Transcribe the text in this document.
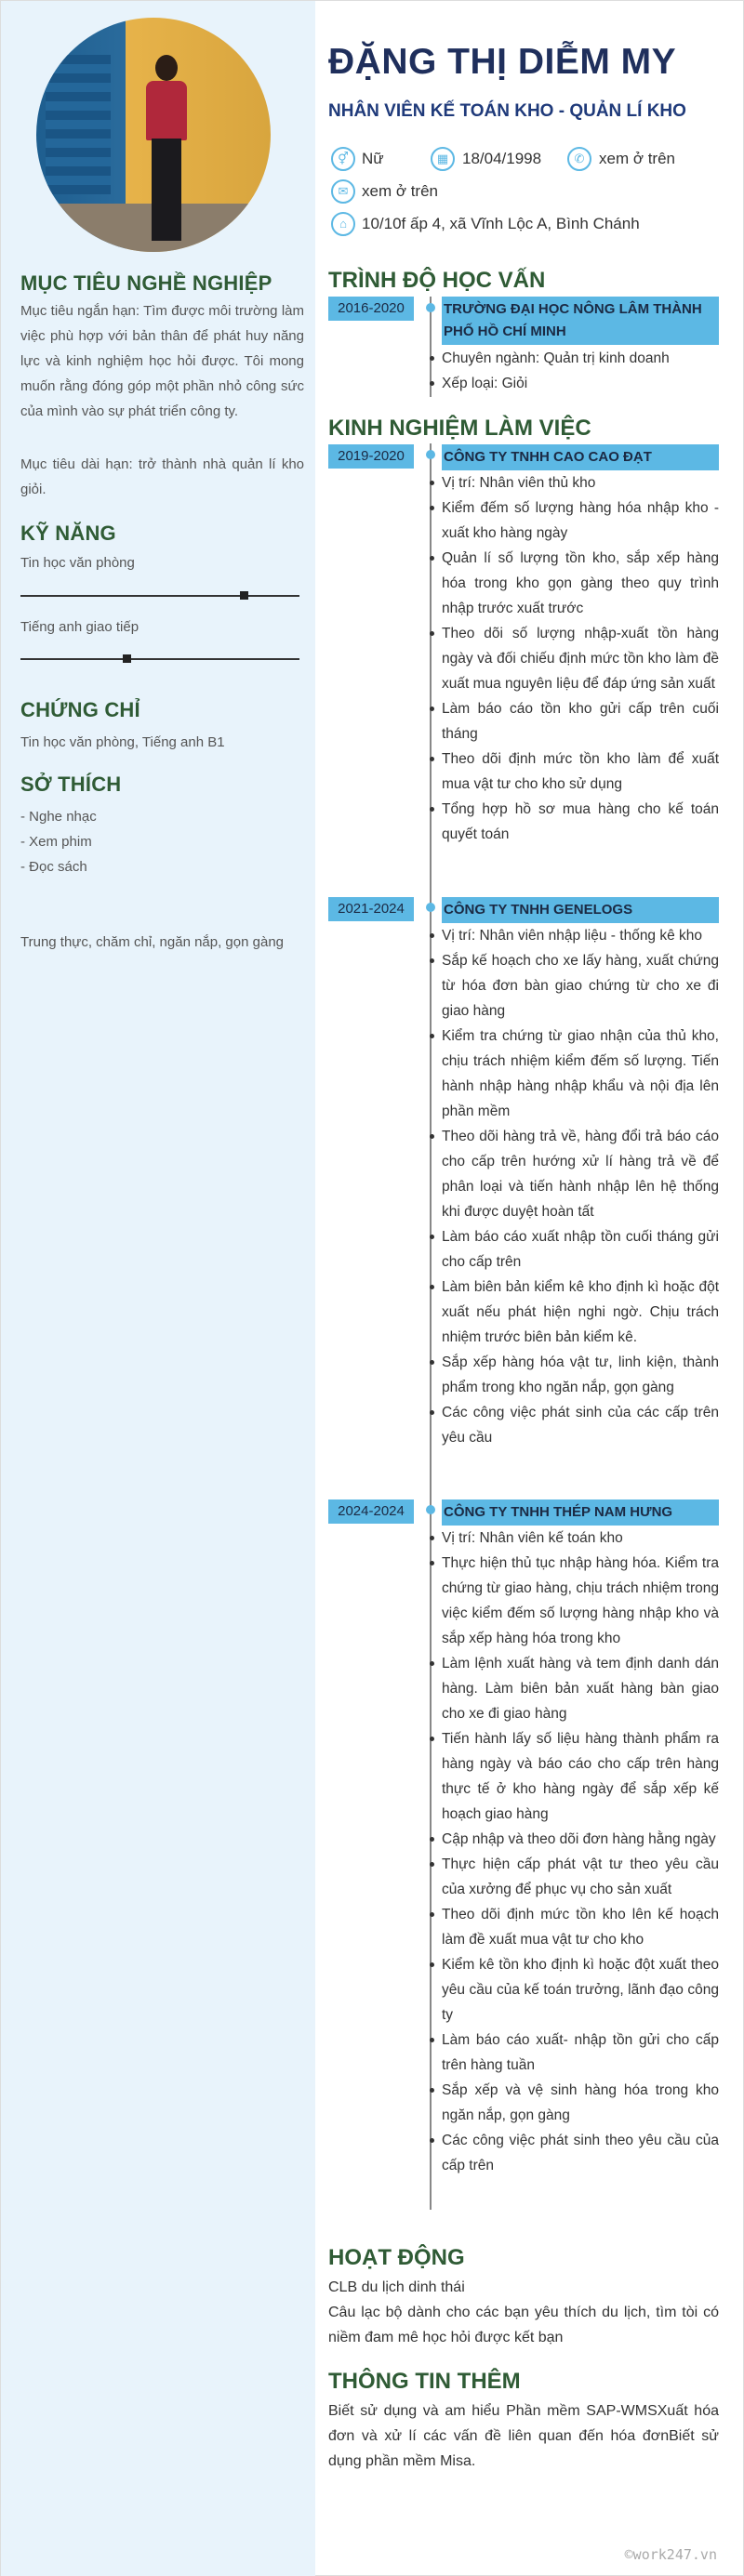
MỤC TIÊU NGHỀ NGHIỆP
Mục tiêu ngắn hạn: Tìm được môi trường làm việc phù hợp với bản thân để phát huy năng lực và kinh nghiệm học hỏi được. Tôi mong muốn rằng đóng góp một phần nhỏ công sức của mình vào sự phát triển công ty.
Mục tiêu dài hạn: trở thành nhà quản lí kho giỏi.
KỸ NĂNG
Tin học văn phòng
Tiếng anh giao tiếp
CHỨNG CHỈ
Tin học văn phòng, Tiếng anh B1
SỞ THÍCH
- Nghe nhạc
- Xem phim
- Đọc sách
Trung thực, chăm chỉ, ngăn nắp, gọn gàng
ĐẶNG THỊ DIỄM MY
NHÂN VIÊN KẾ TOÁN KHO - QUẢN LÍ KHO
⚥ Nữ	▦ 18/04/1998	✆ xem ở trên
✉ xem ở trên
⌂ 10/10f ấp 4, xã Vĩnh Lộc A, Bình Chánh
TRÌNH ĐỘ HỌC VẤN
2016-2020	TRƯỜNG ĐẠI HỌC NÔNG LÂM THÀNH PHỐ HỒ CHÍ MINH
Chuyên ngành: Quản trị kinh doanh
Xếp loại: Giỏi
KINH NGHIỆM LÀM VIỆC
2019-2020	CÔNG TY TNHH CAO CAO ĐẠT
Vị trí: Nhân viên thủ kho
Kiểm đếm số lượng hàng hóa nhập kho - xuất kho hàng ngày
Quản lí số lượng tồn kho, sắp xếp hàng hóa trong kho gọn gàng theo quy trình nhập trước xuất trước
Theo dõi số lượng nhập-xuất tồn hàng ngày và đối chiếu định mức tồn kho làm đề xuất mua nguyên liệu để đáp ứng sản xuất
Làm báo cáo tồn kho gửi cấp trên cuối tháng
Theo dõi định mức tồn kho làm để xuất mua vật tư cho kho sử dụng
Tổng hợp hồ sơ mua hàng cho kế toán quyết toán
2021-2024	CÔNG TY TNHH GENELOGS
Vị trí: Nhân viên nhập liệu - thống kê kho
Sắp kế hoạch cho xe lấy hàng, xuất chứng từ hóa đơn bàn giao chứng từ cho xe đi giao hàng
Kiểm tra chứng từ giao nhận của thủ kho, chịu trách nhiệm kiểm đếm số lượng. Tiến hành nhập hàng nhập khẩu và nội địa lên phần mềm
Theo dõi hàng trả về, hàng đổi trả báo cáo cho cấp trên hướng xử lí hàng trả về để phân loại và tiến hành nhập lên hệ thống khi được duyệt hoàn tất
Làm báo cáo xuất nhập tồn cuối tháng gửi cho cấp trên
Làm biên bản kiểm kê kho định kì hoặc đột xuất nếu phát hiện nghi ngờ. Chịu trách nhiệm trước biên bản kiểm kê.
Sắp xếp hàng hóa vật tư, linh kiện, thành phẩm trong kho ngăn nắp, gọn gàng
Các công việc phát sinh của các cấp trên yêu cầu
2024-2024	CÔNG TY TNHH THÉP NAM HƯNG
Vị trí: Nhân viên kế toán kho
Thực hiện thủ tục nhập hàng hóa. Kiểm tra chứng từ giao hàng, chịu trách nhiệm trong việc kiểm đếm số lượng hàng nhập kho và sắp xếp hàng hóa trong kho
Làm lệnh xuất hàng và tem định danh dán hàng. Làm biên bản xuất hàng bàn giao cho xe đi giao hàng
Tiến hành lấy số liệu hàng thành phẩm ra hàng ngày và báo cáo cho cấp trên hàng thực tế ở kho hàng ngày để sắp xếp kế hoạch giao hàng
Cập nhập và theo dõi đơn hàng hằng ngày
Thực hiện cấp phát vật tư theo yêu cầu của xưởng để phục vụ cho sản xuất
Theo dõi định mức tồn kho lên kế hoạch làm đề xuất mua vật tư cho kho
Kiểm kê tồn kho định kì hoặc đột xuất theo yêu cầu của kế toán trưởng, lãnh đạo công ty
Làm báo cáo xuất- nhập tồn gửi cho cấp trên hàng tuần
Sắp xếp và vệ sinh hàng hóa trong kho ngăn nắp, gọn gàng
Các công việc phát sinh theo yêu cầu của cấp trên
HOẠT ĐỘNG
CLB du lịch dinh thái
Câu lạc bộ dành cho các bạn yêu thích du lịch, tìm tòi có niềm đam mê học hỏi được kết bạn
THÔNG TIN THÊM
Biết sử dụng và am hiểu Phần mềm SAP-WMSXuất hóa đơn và xử lí các vấn đề liên quan đến hóa đơnBiết sử dụng phần mềm Misa.
©work247.vn
